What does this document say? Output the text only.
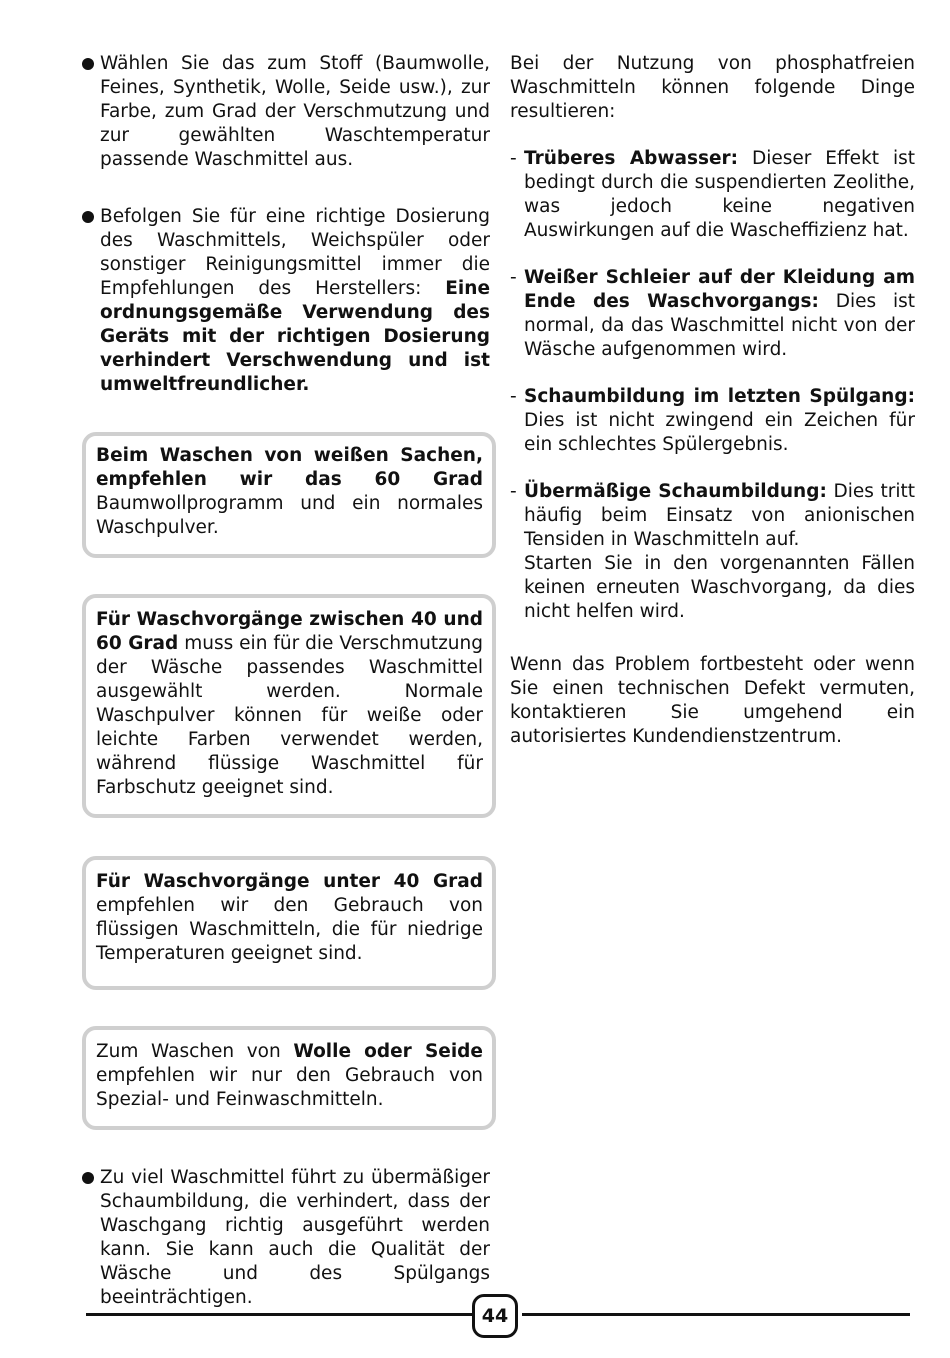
Wählen Sie das zum Stoff (Baumwolle, Feines, Synthetik, Wolle, Seide usw.), zur Farbe, zum Grad der Verschmutzung und zur gewählten Waschtemperatur passende Waschmittel aus.

Befolgen Sie für eine richtige Dosierung des Waschmittels, Weichspüler oder sonstiger Reinigungsmittel immer die Empfehlungen des Herstellers: Eine ordnungsgemäße Verwendung des Geräts mit der richtigen Dosierung verhindert Verschwendung und ist umweltfreundlicher.

Beim Waschen von weißen Sachen, empfehlen wir das 60 Grad Baumwollprogramm und ein normales Waschpulver.

Für Waschvorgänge zwischen 40 und 60 Grad muss ein für die Verschmutzung der Wäsche passendes Waschmittel ausgewählt werden. Normale Waschpulver können für weiße oder leichte Farben verwendet werden, während flüssige Waschmittel für Farbschutz geeignet sind.

Für Waschvorgänge unter 40 Grad empfehlen wir den Gebrauch von flüssigen Waschmitteln, die für niedrige Temperaturen geeignet sind.

Zum Waschen von Wolle oder Seide empfehlen wir nur den Gebrauch von Spezial- und Feinwaschmitteln.

Zu viel Waschmittel führt zu übermäßiger Schaumbildung, die verhindert, dass der Waschgang richtig ausgeführt werden kann. Sie kann auch die Qualität der Wäsche und des Spülgangs beeinträchtigen.

Bei der Nutzung von phosphatfreien Waschmitteln können folgende Dinge resultieren:

- Trüberes Abwasser: Dieser Effekt ist bedingt durch die suspendierten Zeolithe, was jedoch keine negativen Auswirkungen auf die Wascheffizienz hat.

- Weißer Schleier auf der Kleidung am Ende des Waschvorgangs: Dies ist normal, da das Waschmittel nicht von der Wäsche aufgenommen wird.

- Schaumbildung im letzten Spülgang: Dies ist nicht zwingend ein Zeichen für ein schlechtes Spülergebnis.

- Übermäßige Schaumbildung: Dies tritt häufig beim Einsatz von anionischen Tensiden in Waschmitteln auf.

Starten Sie in den vorgenannten Fällen keinen erneuten Waschvorgang, da dies nicht helfen wird.

Wenn das Problem fortbesteht oder wenn Sie einen technischen Defekt vermuten, kontaktieren Sie umgehend ein autorisiertes Kundendienstzentrum.

44
